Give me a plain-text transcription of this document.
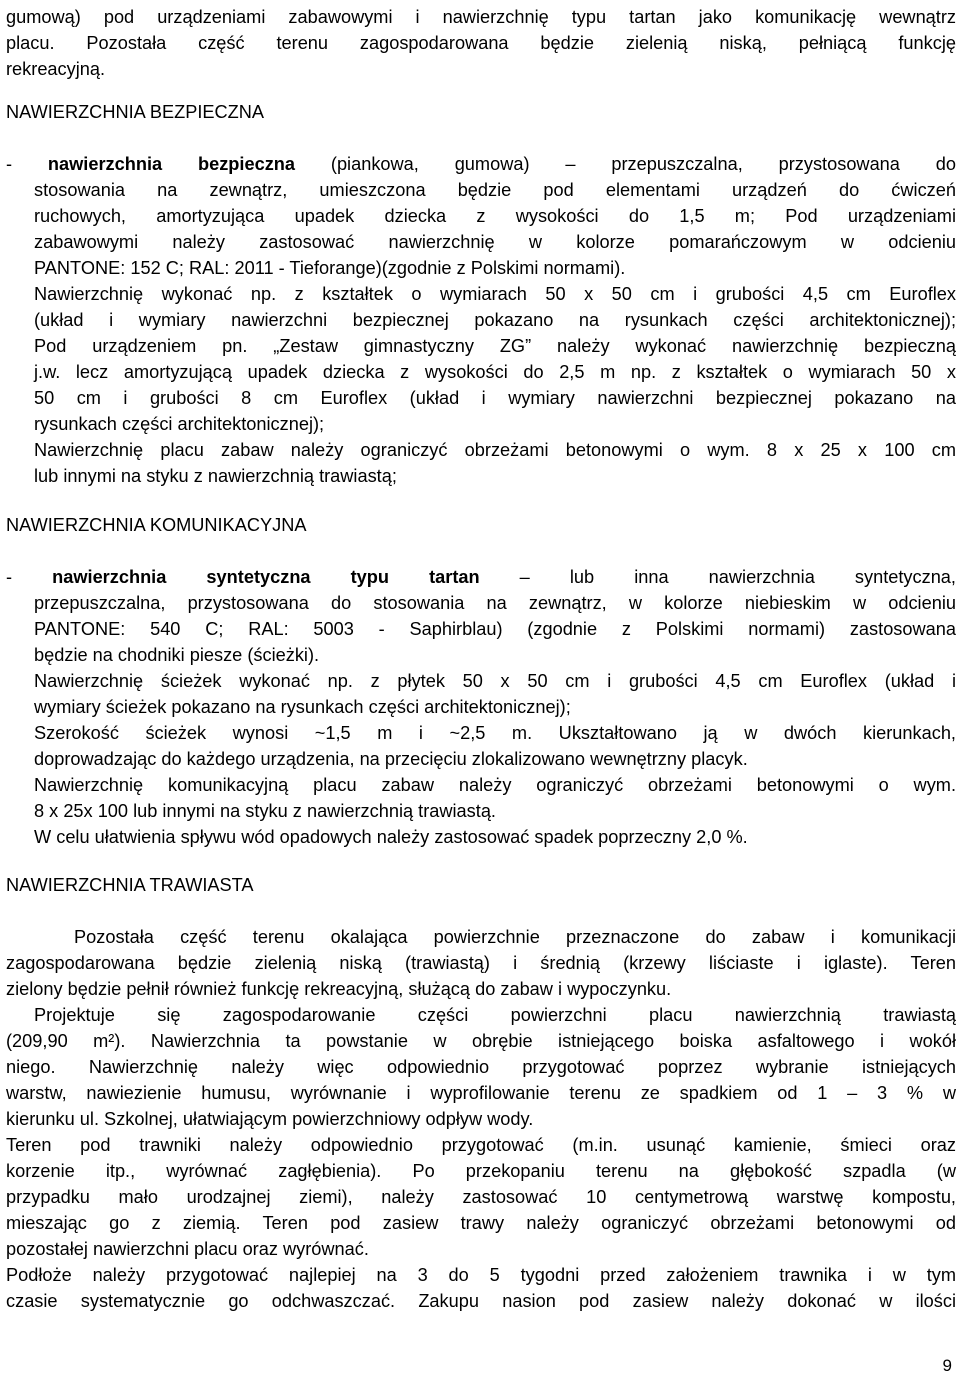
gumową) pod urządzeniami zabawowymi i nawierzchnię typu tartan jako komunikację wewnątrz
placu. Pozostała część terenu zagospodarowana będzie zielenią niską, pełniącą funkcję
rekreacyjną.
NAWIERZCHNIA BEZPIECZNA
- nawierzchnia bezpieczna (piankowa, gumowa) – przepuszczalna, przystosowana do
stosowania na zewnątrz, umieszczona będzie pod elementami urządzeń do ćwiczeń
ruchowych, amortyzująca upadek dziecka z wysokości do 1,5 m; Pod urządzeniami
zabawowymi należy zastosować nawierzchnię w kolorze pomarańczowym w odcieniu
PANTONE: 152 C; RAL: 2011 - Tieforange)(zgodnie z Polskimi normami).
Nawierzchnię wykonać np. z kształtek o wymiarach 50 x 50 cm i grubości 4,5 cm Euroflex
(układ i wymiary nawierzchni bezpiecznej pokazano na rysunkach części architektonicznej);
Pod urządzeniem pn. „Zestaw gimnastyczny ZG” należy wykonać nawierzchnię bezpieczną
j.w. lecz amortyzującą upadek dziecka z wysokości do 2,5 m np. z kształtek o wymiarach 50 x
50 cm i grubości 8 cm Euroflex (układ i wymiary nawierzchni bezpiecznej pokazano na
rysunkach części architektonicznej);
Nawierzchnię placu zabaw należy ograniczyć obrzeżami betonowymi o wym. 8 x 25 x 100 cm
lub innymi na styku z nawierzchnią trawiastą;
NAWIERZCHNIA KOMUNIKACYJNA
- nawierzchnia syntetyczna typu tartan – lub inna nawierzchnia syntetyczna,
przepuszczalna, przystosowana do stosowania na zewnątrz, w kolorze niebieskim w odcieniu
PANTONE: 540 C; RAL: 5003 - Saphirblau) (zgodnie z Polskimi normami) zastosowana
będzie na chodniki piesze (ścieżki).
Nawierzchnię ścieżek wykonać np. z płytek 50 x 50 cm i grubości 4,5 cm Euroflex (układ i
wymiary ścieżek pokazano na rysunkach części architektonicznej);
Szerokość ścieżek wynosi ~1,5 m i ~2,5 m. Ukształtowano ją w dwóch kierunkach,
doprowadzając do każdego urządzenia, na przecięciu zlokalizowano wewnętrzny placyk.
Nawierzchnię komunikacyjną placu zabaw należy ograniczyć obrzeżami betonowymi o wym.
8 x 25x 100 lub innymi na styku z nawierzchnią trawiastą.
W celu ułatwienia spływu wód opadowych należy zastosować spadek poprzeczny 2,0 %.
NAWIERZCHNIA TRAWIASTA
Pozostała część terenu okalająca powierzchnie przeznaczone do zabaw i komunikacji
zagospodarowana będzie zielenią niską (trawiastą) i średnią (krzewy liściaste i iglaste). Teren
zielony będzie pełnił również funkcję rekreacyjną, służącą do zabaw i wypoczynku.
Projektuje się zagospodarowanie części powierzchni placu nawierzchnią trawiastą
(209,90 m²). Nawierzchnia ta powstanie w obrębie istniejącego boiska asfaltowego i wokół
niego. Nawierzchnię należy więc odpowiednio przygotować poprzez wybranie istniejących
warstw, nawiezienie humusu, wyrównanie i wyprofilowanie terenu ze spadkiem od 1 – 3 % w
kierunku ul. Szkolnej, ułatwiającym powierzchniowy odpływ wody.
Teren pod trawniki należy odpowiednio przygotować (m.in. usunąć kamienie, śmieci oraz
korzenie itp., wyrównać zagłębienia). Po przekopaniu terenu na głębokość szpadla (w
przypadku mało urodzajnej ziemi), należy zastosować 10 centymetrową warstwę kompostu,
mieszając go z ziemią. Teren pod zasiew trawy należy ograniczyć obrzeżami betonowymi od
pozostałej nawierzchni placu oraz wyrównać.
Podłoże należy przygotować najlepiej na 3 do 5 tygodni przed założeniem trawnika i w tym
czasie systematycznie go odchwaszczać. Zakupu nasion pod zasiew należy dokonać w ilości
9
